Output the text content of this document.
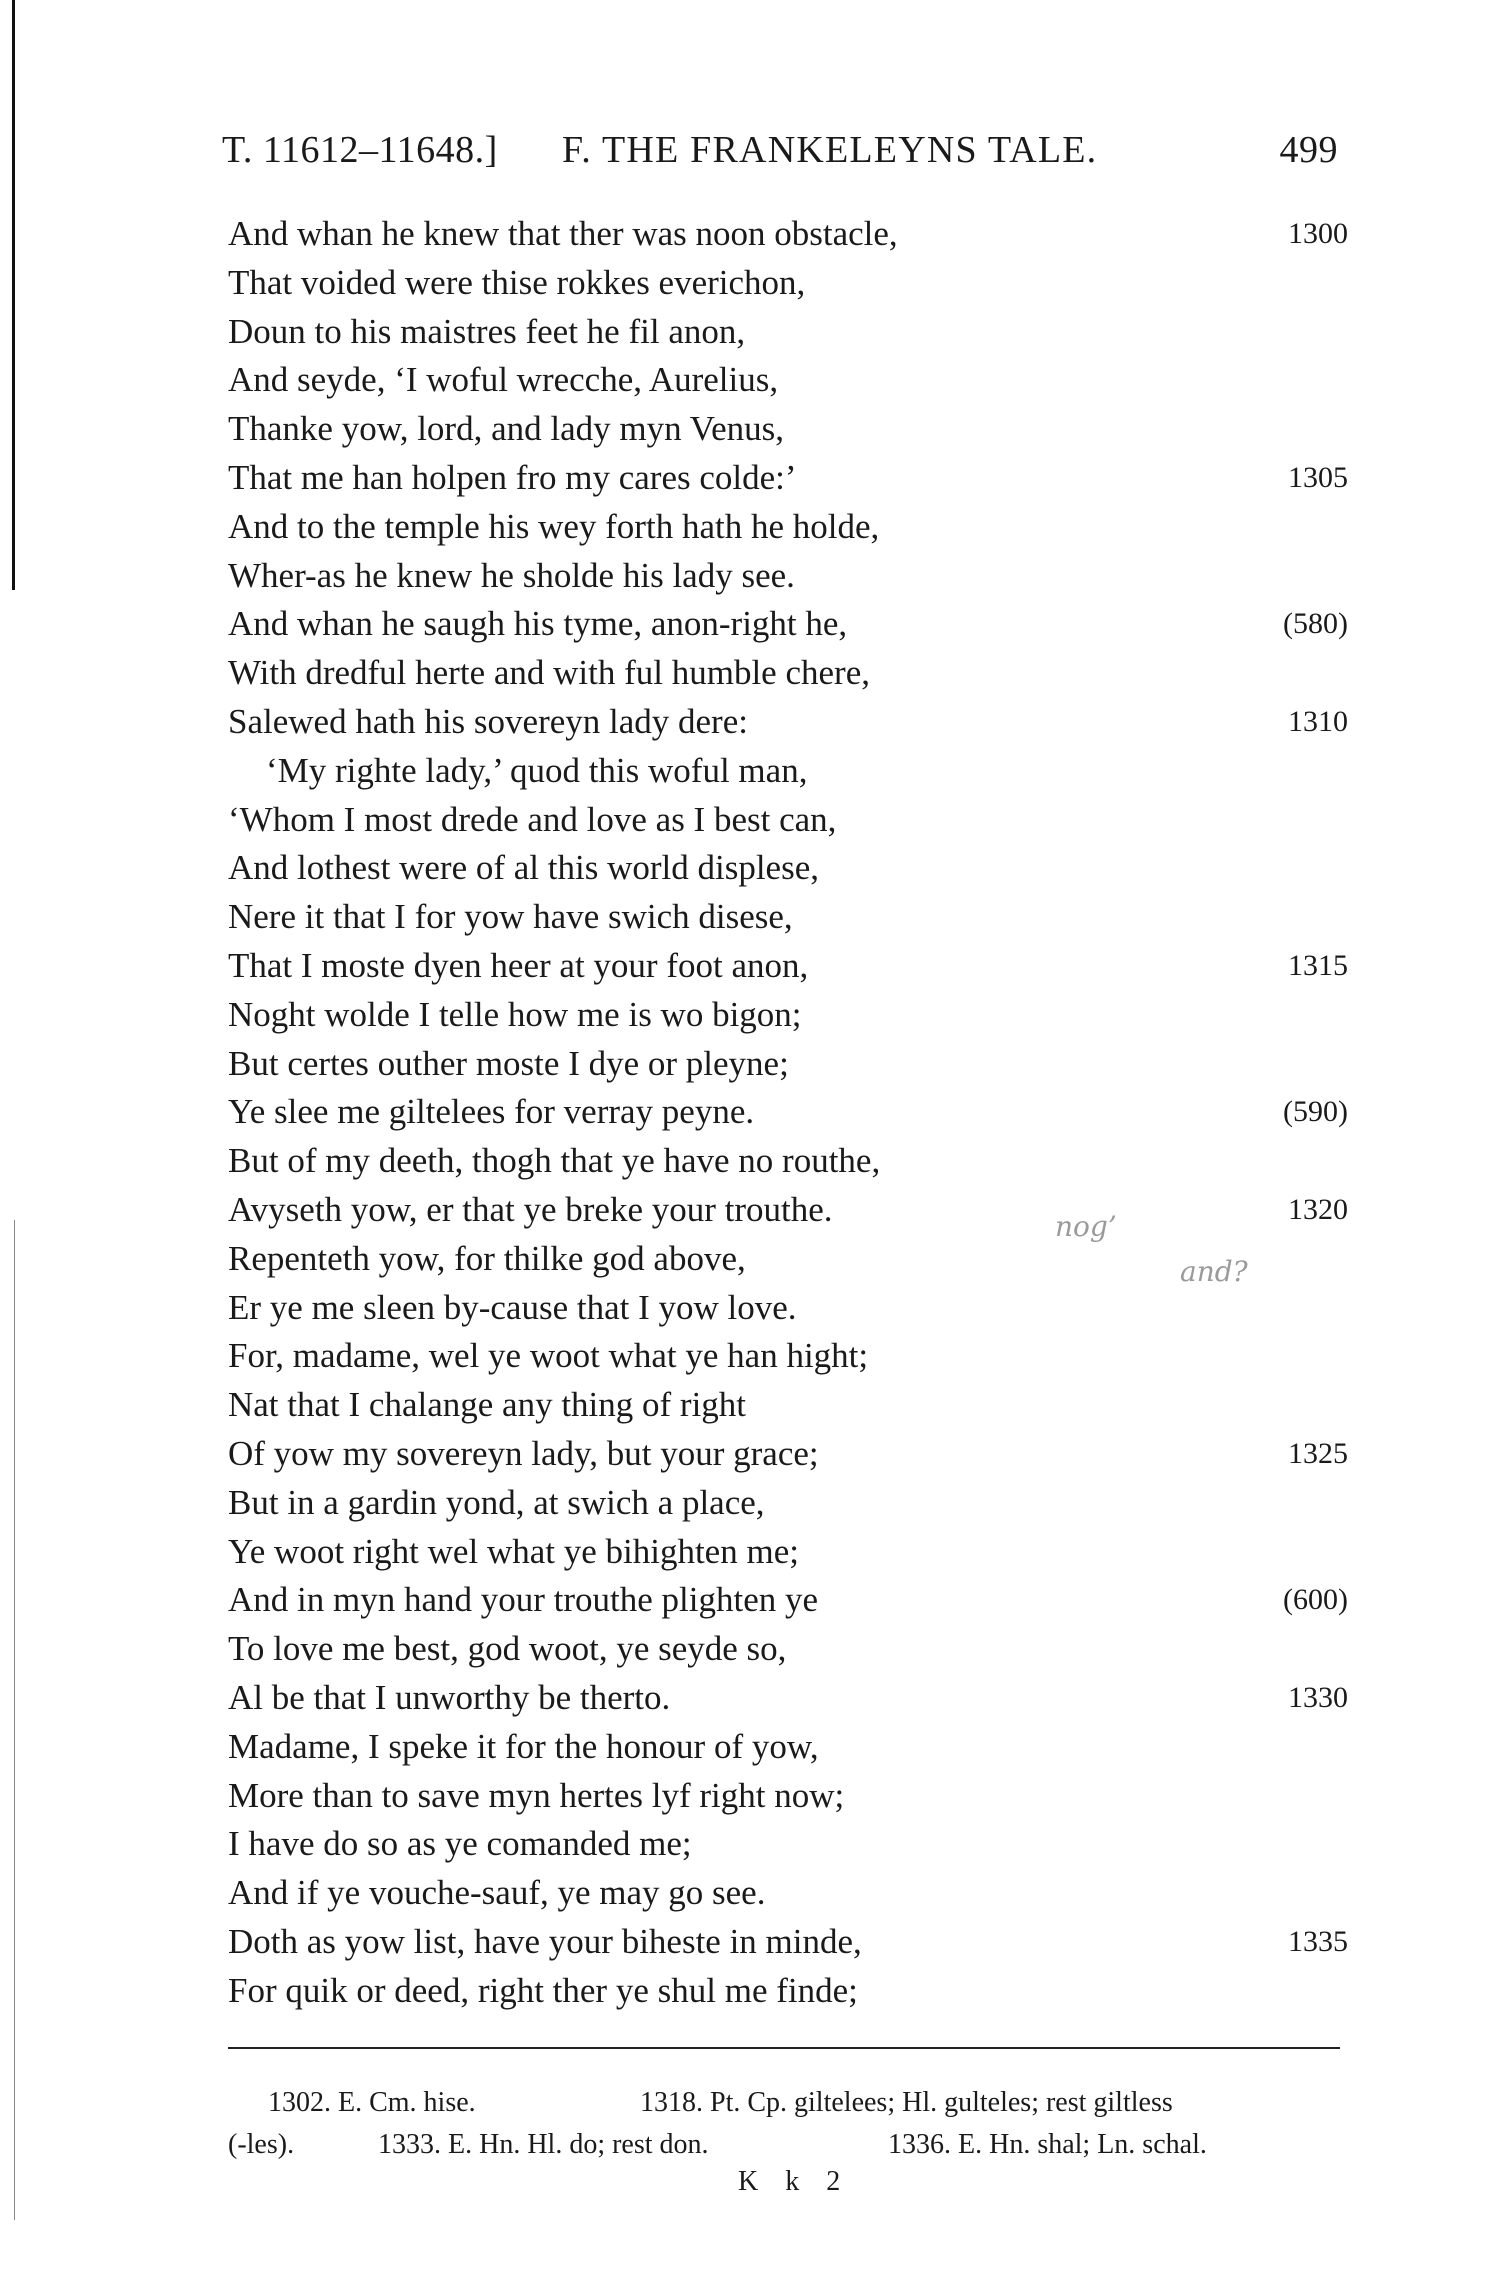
T. 11612–11648.] F. THE FRANKELEYNS TALE.	499
And whan he knew that ther was noon obstacle,	1300
That voided were thise rokkes everichon,
Doun to his maistres feet he fil anon,
And seyde, ‘I woful wrecche, Aurelius,
Thanke yow, lord, and lady myn Venus,
That me han holpen fro my cares colde:’	1305
And to the temple his wey forth hath he holde,
Wher-as he knew he sholde his lady see.
And whan he saugh his tyme, anon-right he,	(580)
With dredful herte and with ful humble chere,
Salewed hath his sovereyn lady dere:	1310
‘My righte lady,’ quod this woful man,
‘Whom I most drede and love as I best can,
And lothest were of al this world displese,
Nere it that I for yow have swich disese,
That I moste dyen heer at your foot anon,	1315
Noght wolde I telle how me is wo bigon;
But certes outher moste I dye or pleyne;
Ye slee me giltelees for verray peyne.	(590)
But of my deeth, thogh that ye have no routhe,
Avyseth yow, er that ye breke your trouthe.	1320
Repenteth yow, for thilke god above,
Er ye me sleen by-cause that I yow love.
For, madame, wel ye woot what ye han hight;
Nat that I chalange any thing of right
Of yow my sovereyn lady, but your grace;	1325
But in a gardin yond, at swich a place,
Ye woot right wel what ye bihighten me;
And in myn hand your trouthe plighten ye	(600)
To love me best, god woot, ye seyde so,
Al be that I unworthy be therto.	1330
Madame, I speke it for the honour of yow,
More than to save myn hertes lyf right now;
I have do so as ye comanded me;
And if ye vouche-sauf, ye may go see.
Doth as yow list, have your biheste in minde,	1335
For quik or deed, right ther ye shul me finde;
nog’
and?
1302. E. Cm. hise.	1318. Pt. Cp. giltelees; Hl. gulteles; rest giltless
(-les).	1333. E. Hn. Hl. do; rest don.	1336. E. Hn. shal; Ln. schal.
K k 2
